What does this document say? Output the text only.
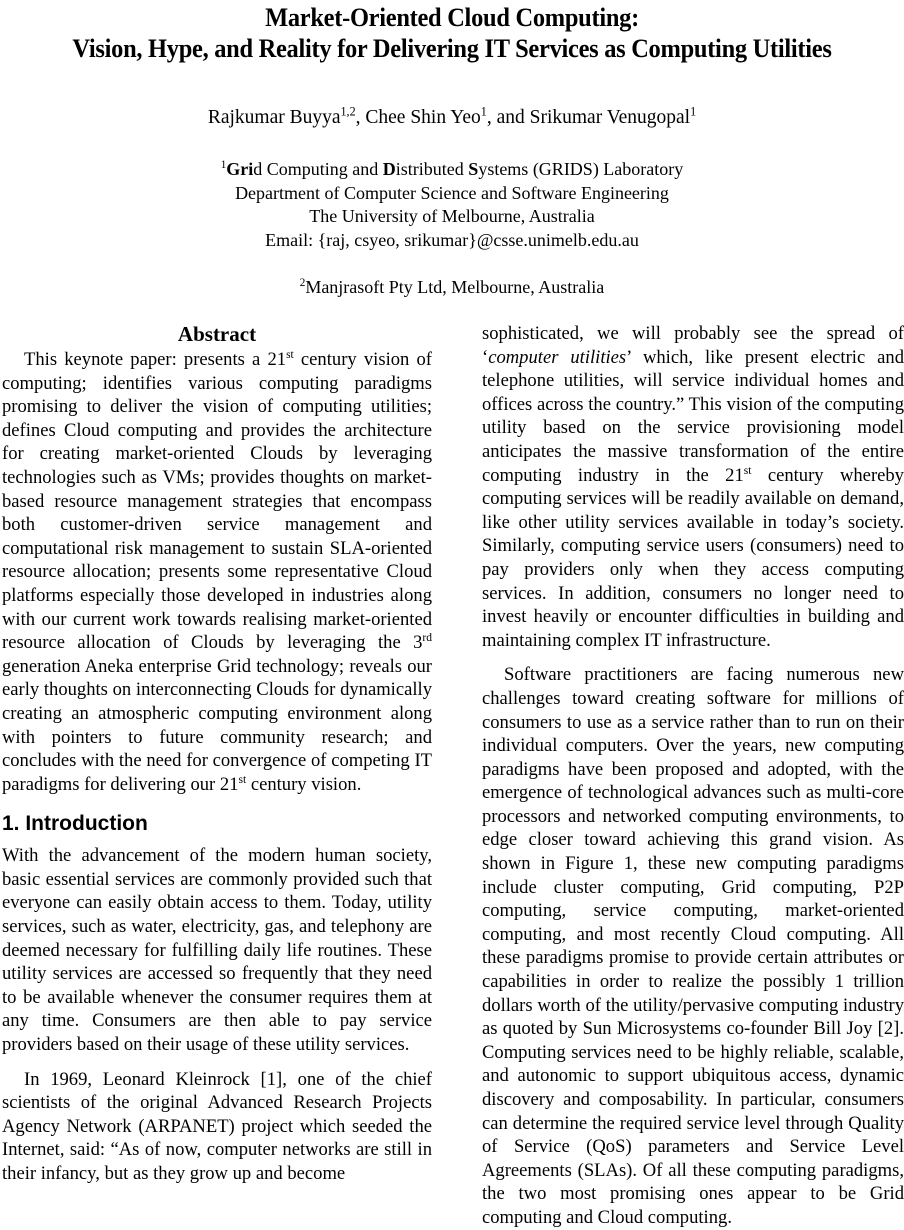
Market-Oriented Cloud Computing:
Vision, Hype, and Reality for Delivering IT Services as Computing Utilities
Rajkumar Buyya$^{1,2}$, Chee Shin Yeo$^1$, and Srikumar Venugopal$^1$
$^1$Grid Computing and Distributed Systems (GRIDS) Laboratory
Department of Computer Science and Software Engineering
The University of Melbourne, Australia
Email: {raj, csyeo, srikumar}@csse.unimelb.edu.au
$^2$Manjrasoft Pty Ltd, Melbourne, Australia
Abstract

This keynote paper: presents a 21st century vision of computing; identifies various computing paradigms promising to deliver the vision of computing utilities; defines Cloud computing and provides the architecture for creating market-oriented Clouds by leveraging technologies such as VMs; provides thoughts on market-based resource management strategies that encompass both customer-driven service management and computational risk management to sustain SLA-oriented resource allocation; presents some representative Cloud platforms especially those developed in industries along with our current work towards realising market-oriented resource allocation of Clouds by leveraging the 3rd generation Aneka enterprise Grid technology; reveals our early thoughts on interconnecting Clouds for dynamically creating an atmospheric computing environment along with pointers to future community research; and concludes with the need for convergence of competing IT paradigms for delivering our 21st century vision.

1. Introduction

With the advancement of the modern human society, basic essential services are commonly provided such that everyone can easily obtain access to them. Today, utility services, such as water, electricity, gas, and telephony are deemed necessary for fulfilling daily life routines. These utility services are accessed so frequently that they need to be available whenever the consumer requires them at any time. Consumers are then able to pay service providers based on their usage of these utility services.

In 1969, Leonard Kleinrock [1], one of the chief scientists of the original Advanced Research Projects Agency Network (ARPANET) project which seeded the Internet, said: “As of now, computer networks are still in their infancy, but as they grow up and become

sophisticated, we will probably see the spread of ‘computer utilities’ which, like present electric and telephone utilities, will service individual homes and offices across the country.” This vision of the computing utility based on the service provisioning model anticipates the massive transformation of the entire computing industry in the 21st century whereby computing services will be readily available on demand, like other utility services available in today’s society. Similarly, computing service users (consumers) need to pay providers only when they access computing services. In addition, consumers no longer need to invest heavily or encounter difficulties in building and maintaining complex IT infrastructure.

Software practitioners are facing numerous new challenges toward creating software for millions of consumers to use as a service rather than to run on their individual computers. Over the years, new computing paradigms have been proposed and adopted, with the emergence of technological advances such as multi-core processors and networked computing environments, to edge closer toward achieving this grand vision. As shown in Figure 1, these new computing paradigms include cluster computing, Grid computing, P2P computing, service computing, market-oriented computing, and most recently Cloud computing. All these paradigms promise to provide certain attributes or capabilities in order to realize the possibly 1 trillion dollars worth of the utility/pervasive computing industry as quoted by Sun Microsystems co-founder Bill Joy [2]. Computing services need to be highly reliable, scalable, and autonomic to support ubiquitous access, dynamic discovery and composability. In particular, consumers can determine the required service level through Quality of Service (QoS) parameters and Service Level Agreements (SLAs). Of all these computing paradigms, the two most promising ones appear to be Grid computing and Cloud computing.
